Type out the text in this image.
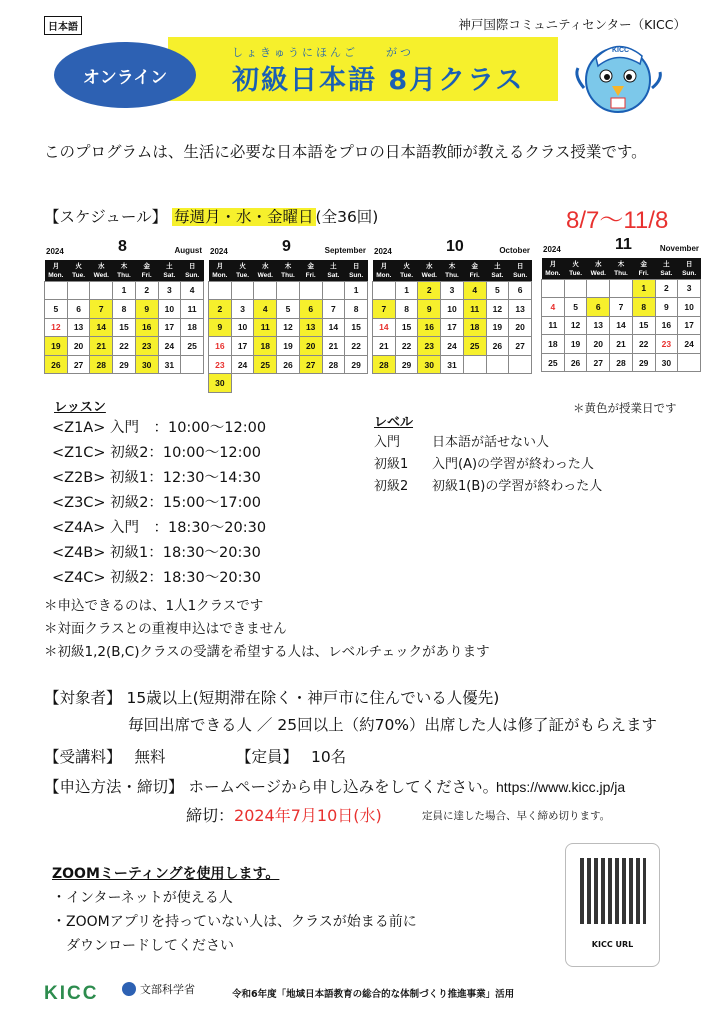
日本語	神戸国際コミュニティセンター（KICC）
オンライン
しょきゅうにほんご　　がつ
初級日本語 8月クラス
KICC
このプログラムは、生活に必要な日本語をプロの日本語教師が教えるクラス授業です。
【スケジュール】 毎週月・水・金曜日 (全36回)	8/7〜11/8
2024	8	August
月	火	水	木	金	土	日
Mon.	Tue.	Wed.	Thu.	Fri.	Sat.	Sun.
			1	2	3	4
5	6	7	8	9	10	11
12	13	14	15	16	17	18
19	20	21	22	23	24	25
26	27	28	29	30	31	
2024	9	September
月	火	水	木	金	土	日
Mon.	Tue.	Wed.	Thu.	Fri.	Sat.	Sun.
						1
2	3	4	5	6	7	8
9	10	11	12	13	14	15
16	17	18	19	20	21	22
23	24	25	26	27	28	29
30						
2024	10	October
月	火	水	木	金	土	日
Mon.	Tue.	Wed.	Thu.	Fri.	Sat.	Sun.
	1	2	3	4	5	6
7	8	9	10	11	12	13
14	15	16	17	18	19	20
21	22	23	24	25	26	27
28	29	30	31			
2024	11	November
月	火	水	木	金	土	日
Mon.	Tue.	Wed.	Thu.	Fri.	Sat.	Sun.
				1	2	3
4	5	6	7	8	9	10
11	12	13	14	15	16	17
18	19	20	21	22	23	24
25	26	27	28	29	30	
レッスン
<Z1A> 入門　：10:00〜12:00
<Z1C> 初級2：10:00〜12:00
<Z2B> 初級1：12:30〜14:30
<Z3C> 初級2：15:00〜17:00
<Z4A> 入門　：18:30〜20:30
<Z4B> 初級1：18:30〜20:30
<Z4C> 初級2：18:30〜20:30
＊黄色が授業日です
レベル
入門 日本語が話せない人
初級1 入門(A)の学習が終わった人
初級2 初級1(B)の学習が終わった人
＊申込できるのは、1人1クラスです
＊対面クラスとの重複申込はできません
＊初級1,2(B,C)クラスの受講を希望する人は、レベルチェックがあります
【対象者】 15歳以上(短期滞在除く・神戸市に住んでいる人優先)
毎回出席できる人 ／ 25回以上（約70%）出席した人は修了証がもらえます
【受講料】 無料	【定員】 10名
【申込方法・締切】 ホームページから申し込みをしてください。
https://www.kicc.jp/ja
締切：2024年7月10日(水)	定員に達した場合、早く締め切ります。
ZOOMミーティングを使用します。
・インターネットが使える人
・ZOOMアプリを持っていない人は、クラスが始まる前に
　ダウンロードしてください	KICC URL
KICC	文部科学省	令和6年度「地域日本語教育の総合的な体制づくり推進事業」活用
